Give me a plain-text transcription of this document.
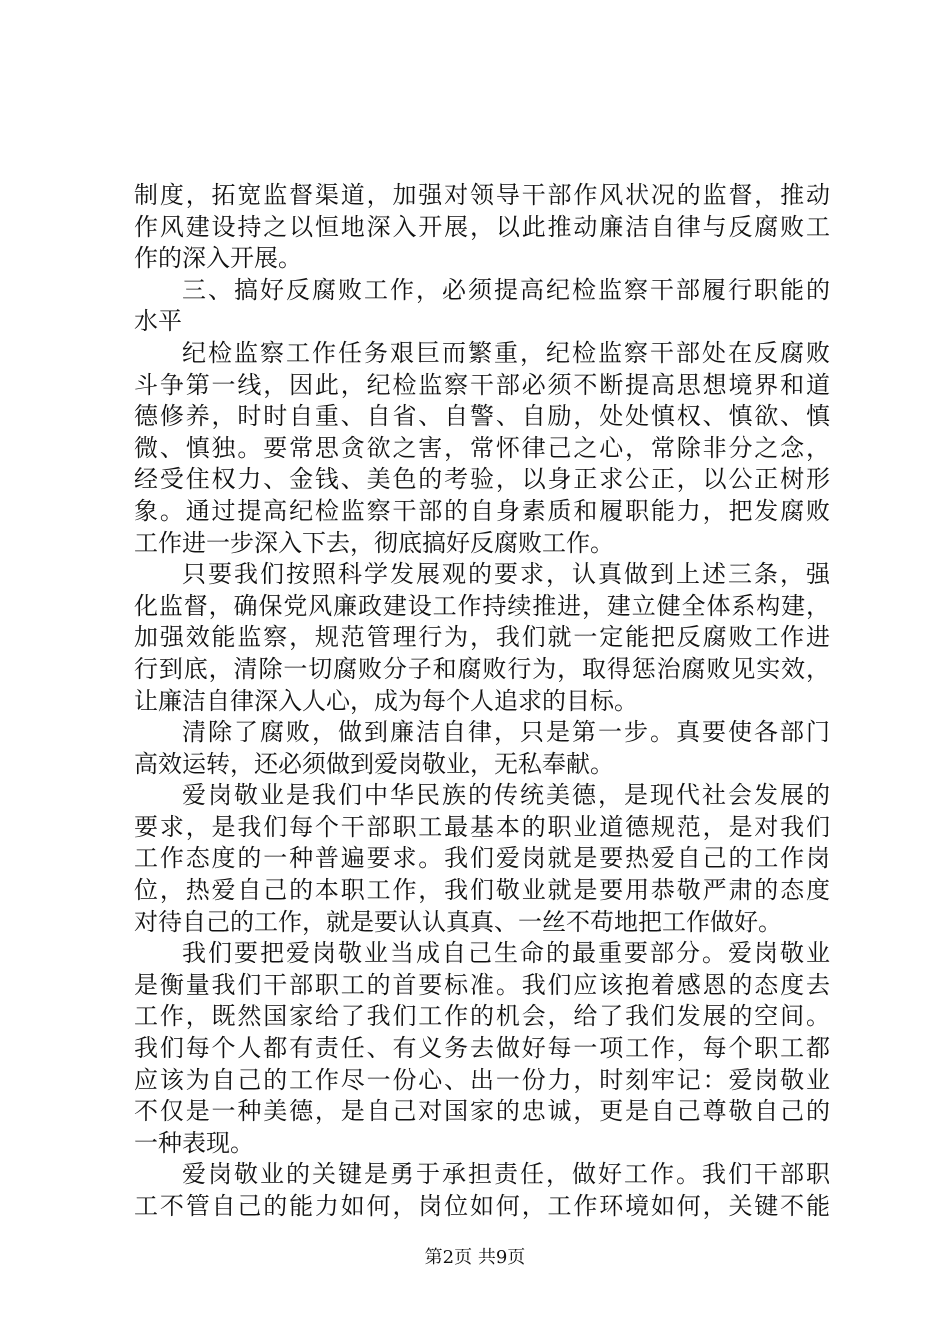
制度，拓宽监督渠道，加强对领导干部作风状况的监督，推动
作风建设持之以恒地深入开展，以此推动廉洁自律与反腐败工
作的深入开展。
三、搞好反腐败工作，必须提高纪检监察干部履行职能的
水平
纪检监察工作任务艰巨而繁重，纪检监察干部处在反腐败
斗争第一线，因此，纪检监察干部必须不断提高思想境界和道
德修养，时时自重、自省、自警、自励，处处慎权、慎欲、慎
微、慎独。要常思贪欲之害，常怀律己之心，常除非分之念，
经受住权力、金钱、美色的考验，以身正求公正，以公正树形
象。通过提高纪检监察干部的自身素质和履职能力，把发腐败
工作进一步深入下去，彻底搞好反腐败工作。
只要我们按照科学发展观的要求，认真做到上述三条，强
化监督，确保党风廉政建设工作持续推进，建立健全体系构建，
加强效能监察，规范管理行为，我们就一定能把反腐败工作进
行到底，清除一切腐败分子和腐败行为，取得惩治腐败见实效，
让廉洁自律深入人心，成为每个人追求的目标。
清除了腐败，做到廉洁自律，只是第一步。真要使各部门
高效运转，还必须做到爱岗敬业，无私奉献。
爱岗敬业是我们中华民族的传统美德，是现代社会发展的
要求，是我们每个干部职工最基本的职业道德规范，是对我们
工作态度的一种普遍要求。我们爱岗就是要热爱自己的工作岗
位，热爱自己的本职工作，我们敬业就是要用恭敬严肃的态度
对待自己的工作，就是要认认真真、一丝不苟地把工作做好。
我们要把爱岗敬业当成自己生命的最重要部分。爱岗敬业
是衡量我们干部职工的首要标准。我们应该抱着感恩的态度去
工作，既然国家给了我们工作的机会，给了我们发展的空间。
我们每个人都有责任、有义务去做好每一项工作，每个职工都
应该为自己的工作尽一份心、出一份力，时刻牢记：爱岗敬业
不仅是一种美德，是自己对国家的忠诚，更是自己尊敬自己的
一种表现。
爱岗敬业的关键是勇于承担责任，做好工作。我们干部职
工不管自己的能力如何，岗位如何，工作环境如何，关键不能
第2页 共9页
